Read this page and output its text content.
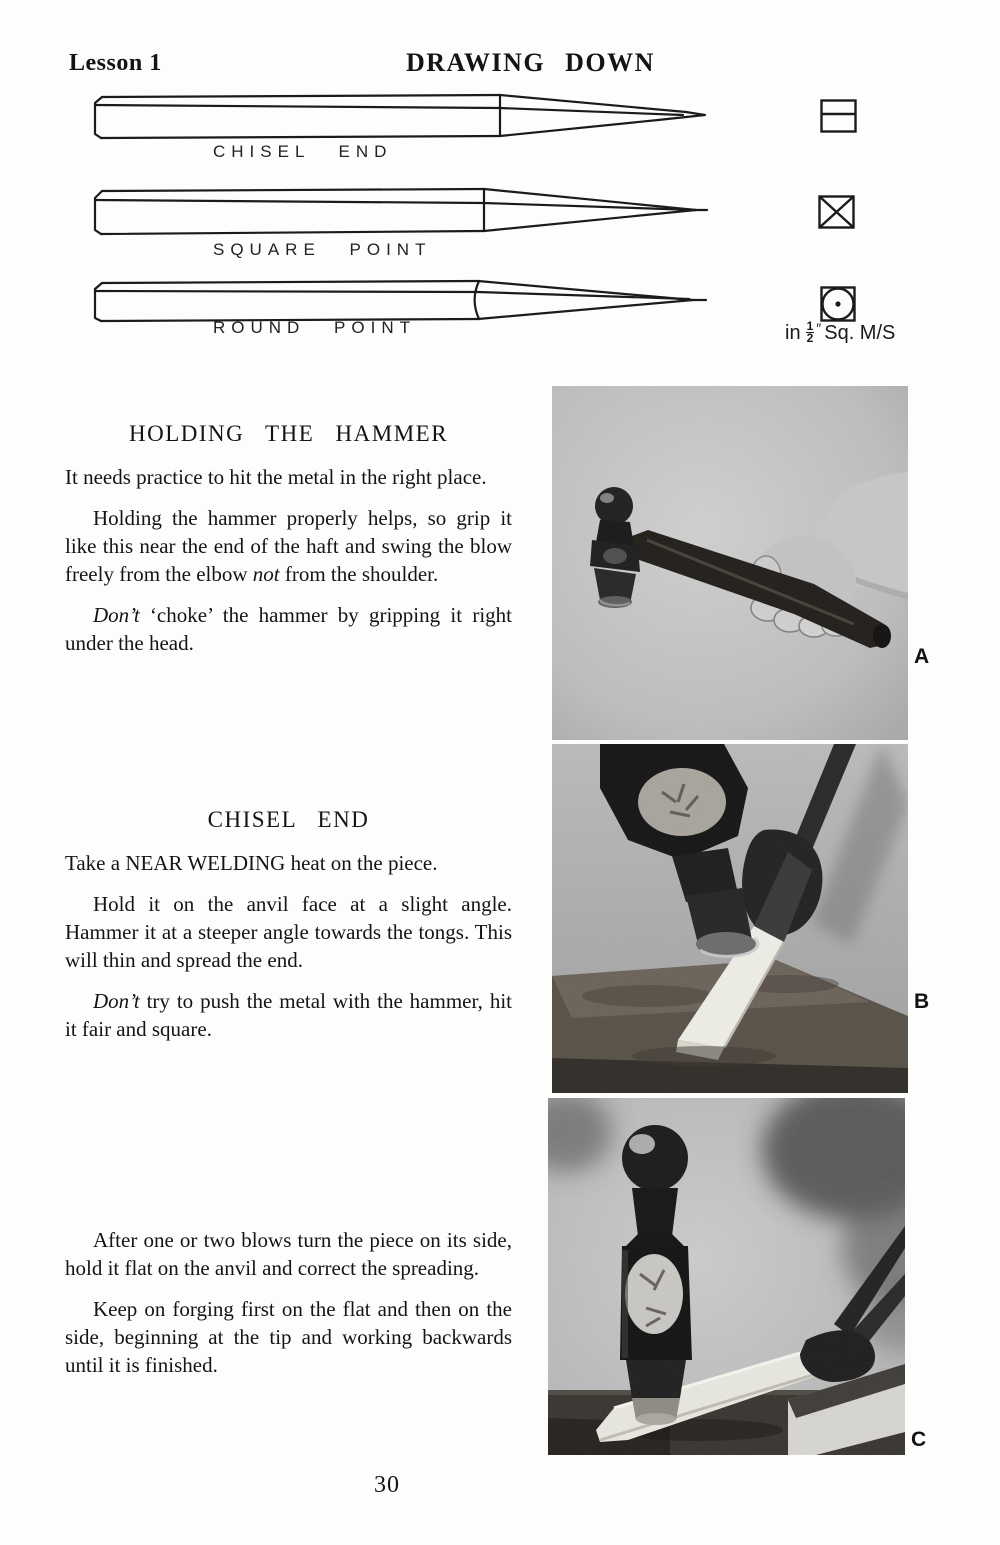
Lesson 1	DRAWING DOWN
CHISEL END
SQUARE POINT
ROUND POINT	in $\frac{1}{2}$ ″ Sq. M/S
HOLDING THE HAMMER

It needs practice to hit the metal in the right place.

Holding the hammer properly helps, so grip it like this near the end of the haft and swing the blow freely from the elbow not from the shoulder.

Don’t ‘choke’ the hammer by gripping it right under the head.

CHISEL END

Take a NEAR WELDING heat on the piece.

Hold it on the anvil face at a slight angle. Hammer it at a steeper angle towards the tongs. This will thin and spread the end.

Don’t try to push the metal with the hammer, hit it fair and square.

After one or two blows turn the piece on its side, hold it flat on the anvil and correct the spreading.

Keep on forging first on the flat and then on the side, beginning at the tip and working backwards until it is finished.

A
B
C
30
